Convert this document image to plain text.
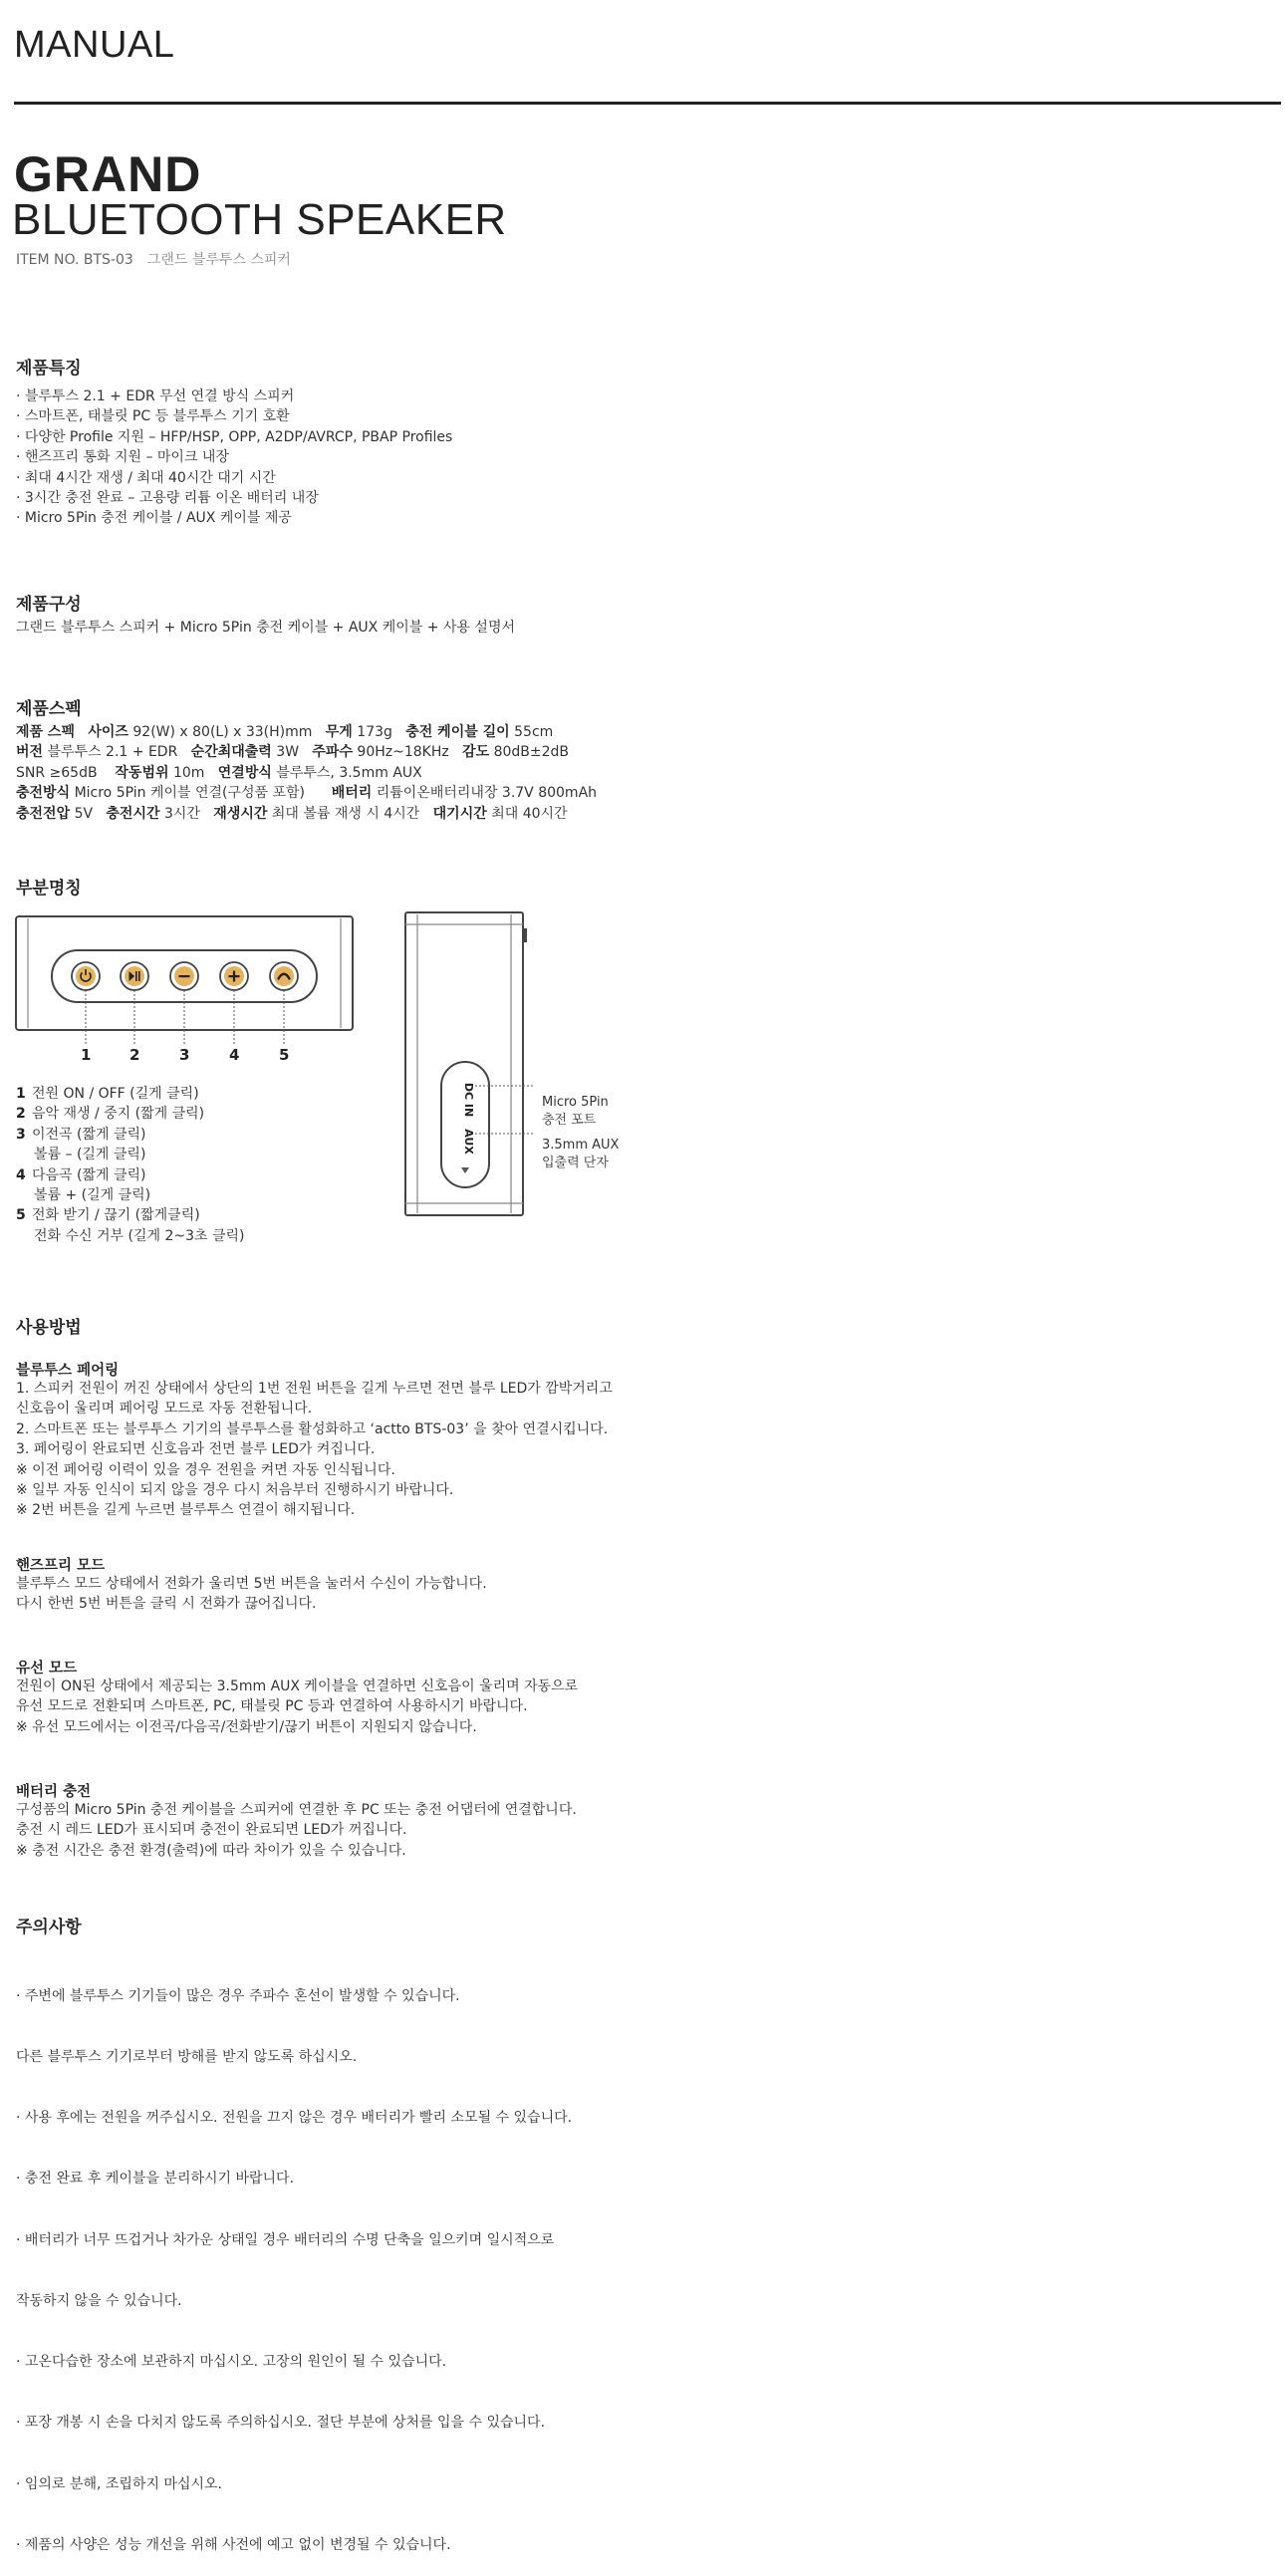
MANUAL
GRAND
BLUETOOTH SPEAKER
ITEM NO. BTS-03 그랜드 블루투스 스피커
제품특징
· 블루투스 2.1 + EDR 무선 연결 방식 스피커
· 스마트폰, 태블릿 PC 등 블루투스 기기 호환
· 다양한 Profile 지원 – HFP/HSP, OPP, A2DP/AVRCP, PBAP Profiles
· 핸즈프리 통화 지원 – 마이크 내장
· 최대 4시간 재생 / 최대 40시간 대기 시간
· 3시간 충전 완료 – 고용량 리튬 이온 배터리 내장
· Micro 5Pin 충전 케이블 / AUX 케이블 제공
제품구성
그랜드 블루투스 스피커 + Micro 5Pin 충전 케이블 + AUX 케이블 + 사용 설명서
제품스펙
제품 스펙 사이즈 92(W) x 80(L) x 33(H)mm 무게 173g 충전 케이블 길이 55cm
버전 블루투스 2.1 + EDR 순간최대출력 3W 주파수 90Hz~18KHz 감도 80dB±2dB
SNR ≥65dB 작동범위 10m 연결방식 블루투스, 3.5mm AUX
충전방식 Micro 5Pin 케이블 연결(구성품 포함) 배터리 리튬이온배터리내장 3.7V 800mAh
충전전압 5V 충전시간 3시간 재생시간 최대 볼륨 재생 시 4시간 대기시간 최대 40시간
부분명칭
1	2	3	4	5
1 전원 ON / OFF (길게 클릭)
2 음악 재생 / 중지 (짧게 클릭)
3 이전곡 (짧게 클릭)
볼륨 – (길게 클릭)
4 다음곡 (짧게 클릭)
볼륨 + (길게 클릭)
5 전화 받기 / 끊기 (짧게클릭)
전화 수신 거부 (길게 2~3초 클릭)
DC IN
AUX
Micro 5Pin
충전 포트
3.5mm AUX
입출력 단자
사용방법
블루투스 페어링
1. 스피커 전원이 꺼진 상태에서 상단의 1번 전원 버튼을 길게 누르면 전면 블루 LED가 깜박거리고
신호음이 울리며 페어링 모드로 자동 전환됩니다.
2. 스마트폰 또는 블루투스 기기의 블루투스를 활성화하고 ‘actto BTS-03’ 을 찾아 연결시킵니다.
3. 페어링이 완료되면 신호음과 전면 블루 LED가 켜집니다.
※ 이전 페어링 이력이 있을 경우 전원을 켜면 자동 인식됩니다.
※ 일부 자동 인식이 되지 않을 경우 다시 처음부터 진행하시기 바랍니다.
※ 2번 버튼을 길게 누르면 블루투스 연결이 해지됩니다.
핸즈프리 모드
블루투스 모드 상태에서 전화가 울리면 5번 버튼을 눌러서 수신이 가능합니다.
다시 한번 5번 버튼을 클릭 시 전화가 끊어집니다.
유선 모드
전원이 ON된 상태에서 제공되는 3.5mm AUX 케이블을 연결하면 신호음이 울리며 자동으로
유선 모드로 전환되며 스마트폰, PC, 태블릿 PC 등과 연결하여 사용하시기 바랍니다.
※ 유선 모드에서는 이전곡/다음곡/전화받기/끊기 버튼이 지원되지 않습니다.
배터리 충전
구성품의 Micro 5Pin 충전 케이블을 스피커에 연결한 후 PC 또는 충전 어댑터에 연결합니다.
충전 시 레드 LED가 표시되며 충전이 완료되면 LED가 꺼집니다.
※ 충전 시간은 충전 환경(출력)에 따라 차이가 있을 수 있습니다.
주의사항

· 주변에 블루투스 기기들이 많은 경우 주파수 혼선이 발생할 수 있습니다.

다른 블루투스 기기로부터 방해를 받지 않도록 하십시오.

· 사용 후에는 전원을 꺼주십시오. 전원을 끄지 않은 경우 배터리가 빨리 소모될 수 있습니다.

· 충전 완료 후 케이블을 분리하시기 바랍니다.

· 배터리가 너무 뜨겁거나 차가운 상태일 경우 배터리의 수명 단축을 일으키며 일시적으로

작동하지 않을 수 있습니다.

· 고온다습한 장소에 보관하지 마십시오. 고장의 원인이 될 수 있습니다.

· 포장 개봉 시 손을 다치지 않도록 주의하십시오. 절단 부분에 상처를 입을 수 있습니다.

· 임의로 분해, 조립하지 마십시오.

· 제품의 사양은 성능 개선을 위해 사전에 예고 없이 변경될 수 있습니다.
